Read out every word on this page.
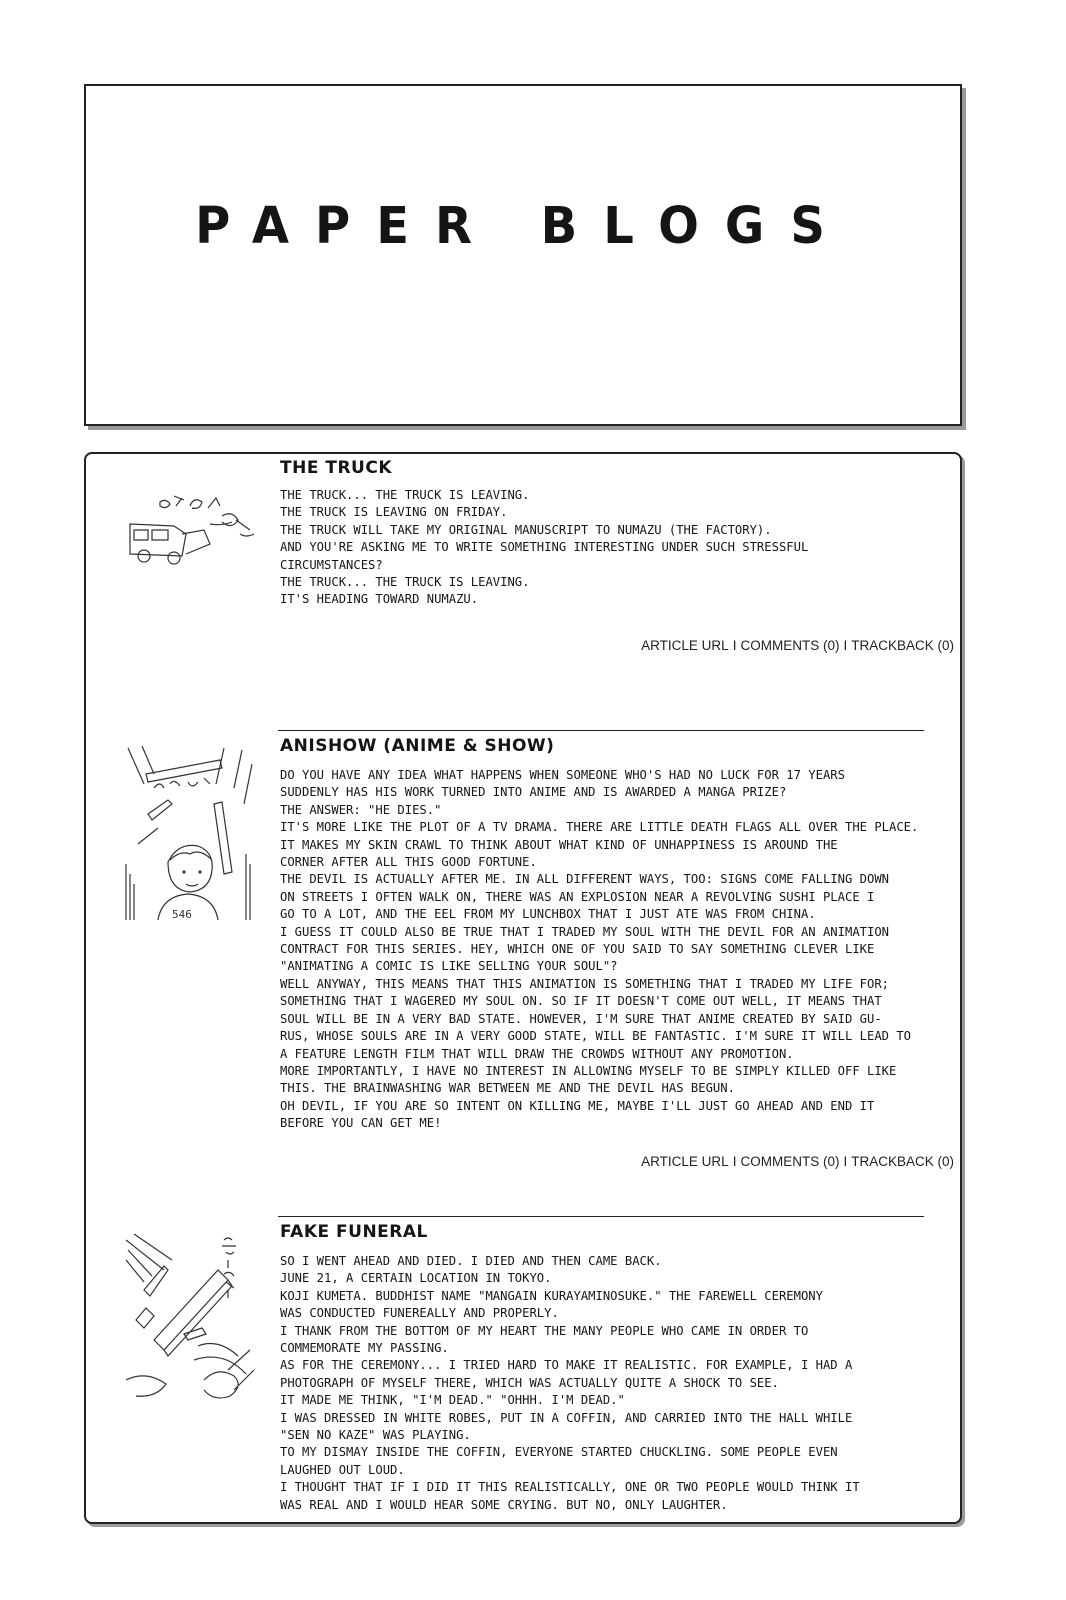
PAPER BLOGS
THE TRUCK
THE TRUCK... THE TRUCK IS LEAVING.
THE TRUCK IS LEAVING ON FRIDAY.
THE TRUCK WILL TAKE MY ORIGINAL MANUSCRIPT TO NUMAZU (THE FACTORY).
AND YOU'RE ASKING ME TO WRITE SOMETHING INTERESTING UNDER SUCH STRESSFUL
CIRCUMSTANCES?
THE TRUCK... THE TRUCK IS LEAVING.
IT'S HEADING TOWARD NUMAZU.
ARTICLE URL I COMMENTS (0) I TRACKBACK (0)
546
ANISHOW (ANIME & SHOW)
DO YOU HAVE ANY IDEA WHAT HAPPENS WHEN SOMEONE WHO'S HAD NO LUCK FOR 17 YEARS
SUDDENLY HAS HIS WORK TURNED INTO ANIME AND IS AWARDED A MANGA PRIZE?
THE ANSWER: "HE DIES."
IT'S MORE LIKE THE PLOT OF A TV DRAMA. THERE ARE LITTLE DEATH FLAGS ALL OVER THE PLACE.
IT MAKES MY SKIN CRAWL TO THINK ABOUT WHAT KIND OF UNHAPPINESS IS AROUND THE
CORNER AFTER ALL THIS GOOD FORTUNE.
THE DEVIL IS ACTUALLY AFTER ME. IN ALL DIFFERENT WAYS, TOO: SIGNS COME FALLING DOWN
ON STREETS I OFTEN WALK ON, THERE WAS AN EXPLOSION NEAR A REVOLVING SUSHI PLACE I
GO TO A LOT, AND THE EEL FROM MY LUNCHBOX THAT I JUST ATE WAS FROM CHINA.
I GUESS IT COULD ALSO BE TRUE THAT I TRADED MY SOUL WITH THE DEVIL FOR AN ANIMATION
CONTRACT FOR THIS SERIES. HEY, WHICH ONE OF YOU SAID TO SAY SOMETHING CLEVER LIKE
"ANIMATING A COMIC IS LIKE SELLING YOUR SOUL"?
WELL ANYWAY, THIS MEANS THAT THIS ANIMATION IS SOMETHING THAT I TRADED MY LIFE FOR;
SOMETHING THAT I WAGERED MY SOUL ON. SO IF IT DOESN'T COME OUT WELL, IT MEANS THAT
SOUL WILL BE IN A VERY BAD STATE. HOWEVER, I'M SURE THAT ANIME CREATED BY SAID GU-
RUS, WHOSE SOULS ARE IN A VERY GOOD STATE, WILL BE FANTASTIC. I'M SURE IT WILL LEAD TO
A FEATURE LENGTH FILM THAT WILL DRAW THE CROWDS WITHOUT ANY PROMOTION.
MORE IMPORTANTLY, I HAVE NO INTEREST IN ALLOWING MYSELF TO BE SIMPLY KILLED OFF LIKE
THIS. THE BRAINWASHING WAR BETWEEN ME AND THE DEVIL HAS BEGUN.
OH DEVIL, IF YOU ARE SO INTENT ON KILLING ME, MAYBE I'LL JUST GO AHEAD AND END IT
BEFORE YOU CAN GET ME!
ARTICLE URL I COMMENTS (0) I TRACKBACK (0)
FAKE FUNERAL
SO I WENT AHEAD AND DIED. I DIED AND THEN CAME BACK.
JUNE 21, A CERTAIN LOCATION IN TOKYO.
KOJI KUMETA. BUDDHIST NAME "MANGAIN KURAYAMINOSUKE." THE FAREWELL CEREMONY
WAS CONDUCTED FUNEREALLY AND PROPERLY.
I THANK FROM THE BOTTOM OF MY HEART THE MANY PEOPLE WHO CAME IN ORDER TO
COMMEMORATE MY PASSING.
AS FOR THE CEREMONY... I TRIED HARD TO MAKE IT REALISTIC. FOR EXAMPLE, I HAD A
PHOTOGRAPH OF MYSELF THERE, WHICH WAS ACTUALLY QUITE A SHOCK TO SEE.
IT MADE ME THINK, "I'M DEAD." "OHHH. I'M DEAD."
I WAS DRESSED IN WHITE ROBES, PUT IN A COFFIN, AND CARRIED INTO THE HALL WHILE
"SEN NO KAZE" WAS PLAYING.
TO MY DISMAY INSIDE THE COFFIN, EVERYONE STARTED CHUCKLING. SOME PEOPLE EVEN
LAUGHED OUT LOUD.
I THOUGHT THAT IF I DID IT THIS REALISTICALLY, ONE OR TWO PEOPLE WOULD THINK IT
WAS REAL AND I WOULD HEAR SOME CRYING. BUT NO, ONLY LAUGHTER.
